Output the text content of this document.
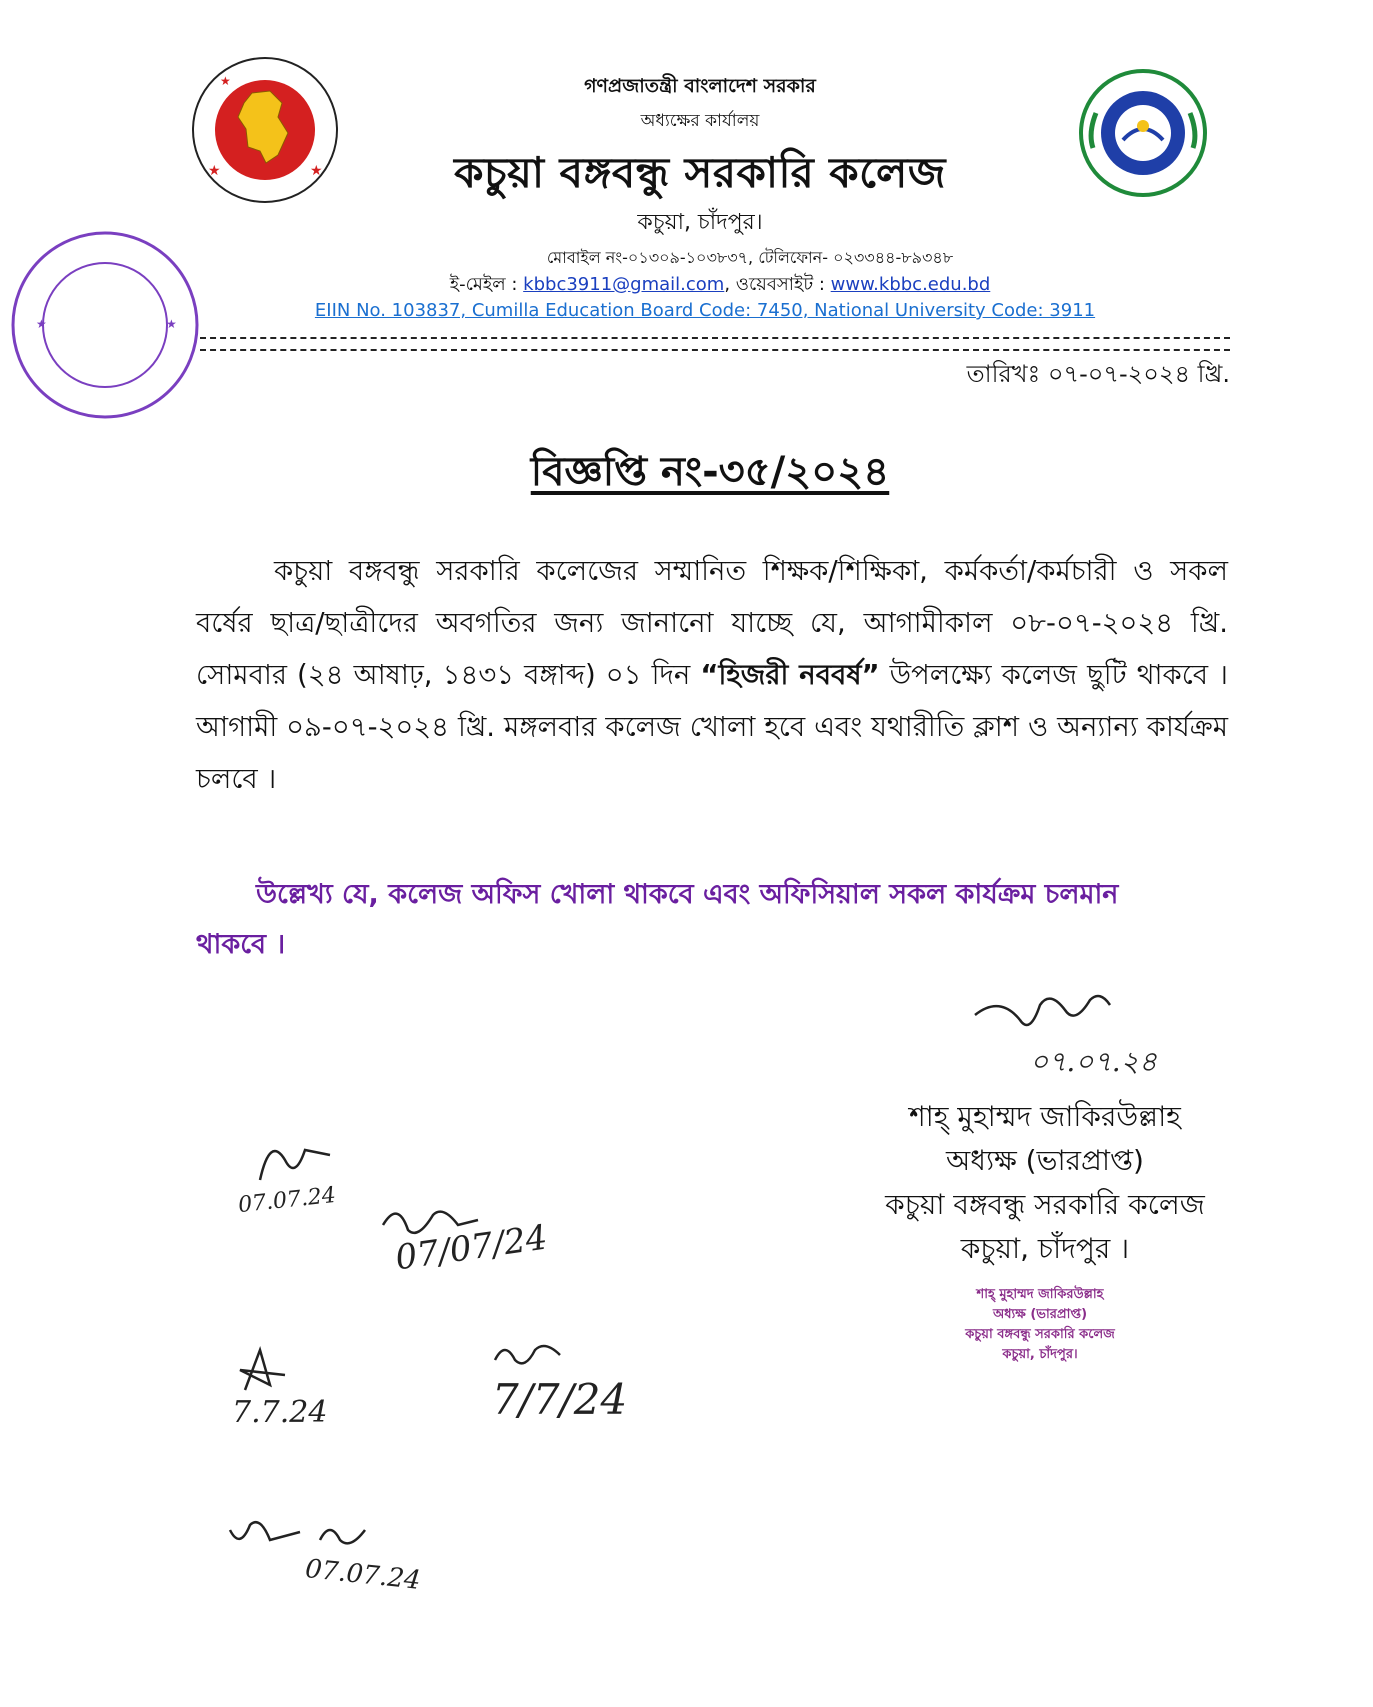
★	★
★
★	★
গণপ্রজাতন্ত্রী বাংলাদেশ সরকার
অধ্যক্ষের কার্যালয়
কচুয়া বঙ্গবন্ধু সরকারি কলেজ
কচুয়া, চাঁদপুর।
মোবাইল নং-০১৩০৯-১০৩৮৩৭, টেলিফোন- ০২৩৩৪৪-৮৯৩৪৮
ই-মেইল : kbbc3911@gmail.com, ওয়েবসাইট : www.kbbc.edu.bd
EIIN No. 103837, Cumilla Education Board Code: 7450, National University Code: 3911
তারিখঃ ০৭-০৭-২০২৪ খ্রি.
বিজ্ঞপ্তি নং-৩৫/২০২৪
কচুয়া বঙ্গবন্ধু সরকারি কলেজের সম্মানিত শিক্ষক/শিক্ষিকা, কর্মকর্তা/কর্মচারী ও সকল বর্ষের ছাত্র/ছাত্রীদের অবগতির জন্য জানানো যাচ্ছে যে, আগামীকাল ০৮-০৭-২০২৪ খ্রি. সোমবার (২৪ আষাঢ়, ১৪৩১ বঙ্গাব্দ) ০১ দিন “হিজরী নববর্ষ” উপলক্ষ্যে কলেজ ছুটি থাকবে । আগামী ০৯-০৭-২০২৪ খ্রি. মঙ্গলবার কলেজ খোলা হবে এবং যথারীতি ক্লাশ ও অন্যান্য কার্যক্রম চলবে ।
উল্লেখ্য যে, কলেজ অফিস খোলা থাকবে এবং অফিসিয়াল সকল কার্যক্রম চলমান থাকবে ।
০৭.০৭.২৪
শাহ্ মুহাম্মদ জাকিরউল্লাহ
অধ্যক্ষ (ভারপ্রাপ্ত)
কচুয়া বঙ্গবন্ধু সরকারি কলেজ
কচুয়া, চাঁদপুর ।
শাহ্ মুহাম্মদ জাকিরউল্লাহ
অধ্যক্ষ (ভারপ্রাপ্ত)
কচুয়া বঙ্গবন্ধু সরকারি কলেজ
কচুয়া, চাঁদপুর।
07.07.24
07/07/24
7.7.24	7/7/24
07.07.24
